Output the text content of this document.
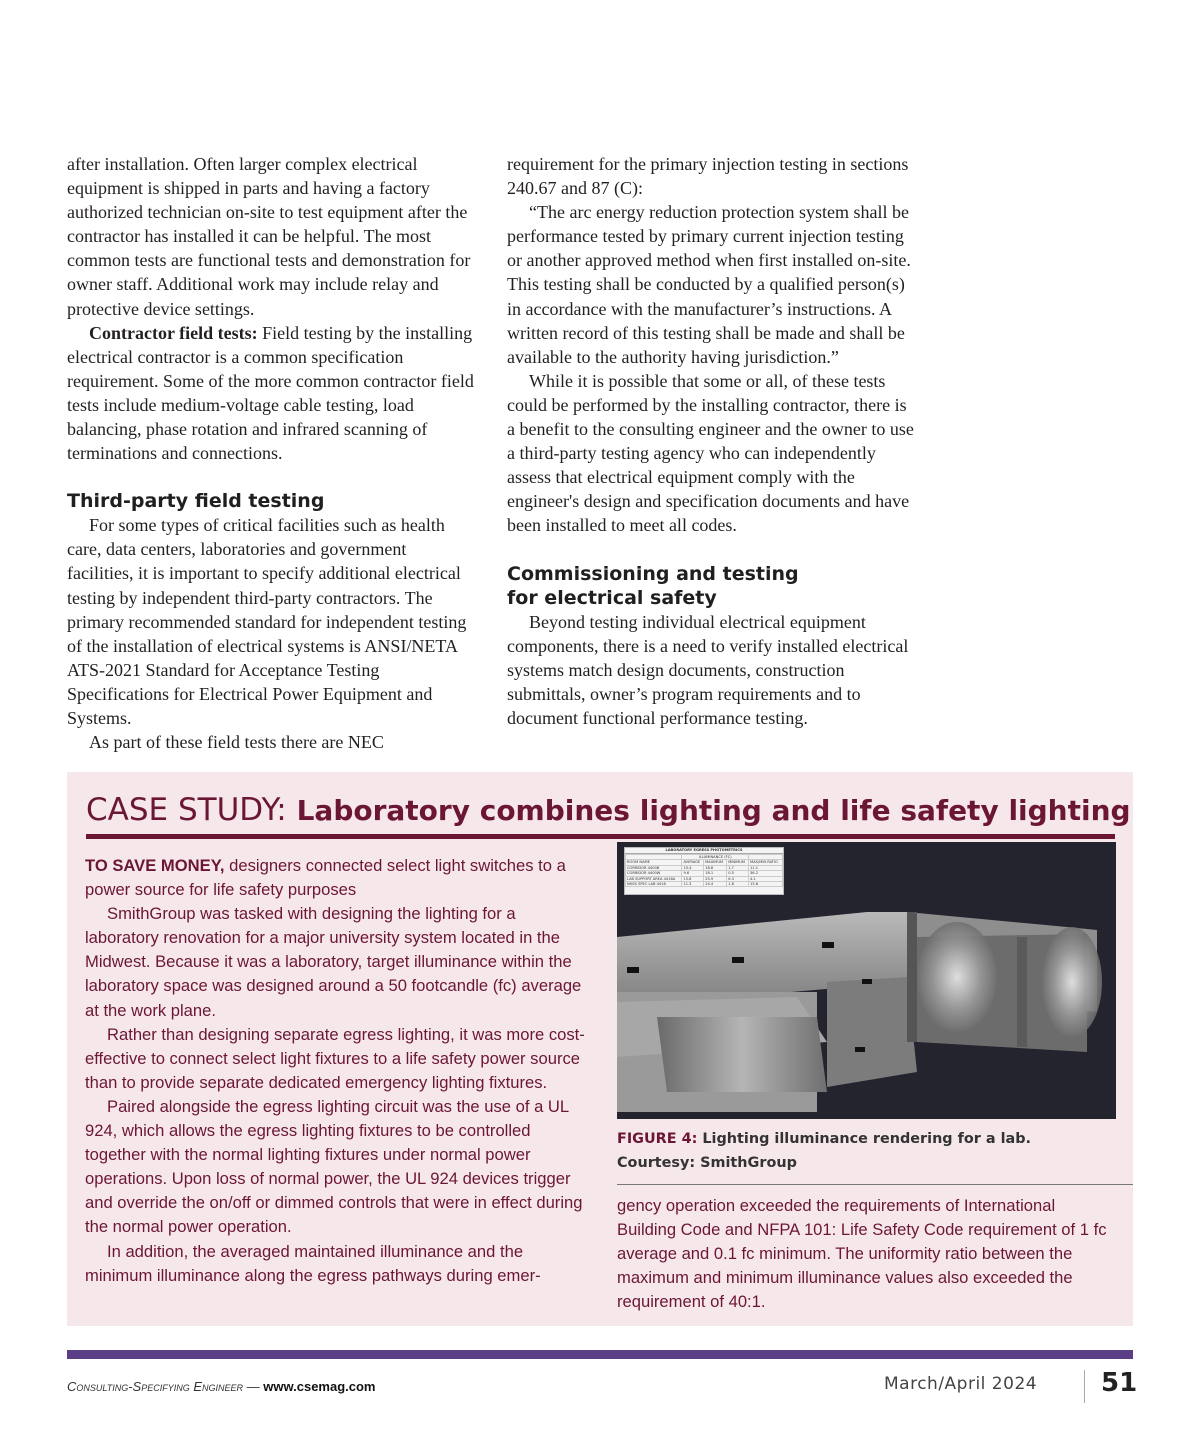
after installation. Often larger complex electrical equipment is shipped in parts and having a factory authorized technician on-site to test equipment after the contractor has installed it can be helpful. The most common tests are functional tests and demonstration for owner staff. Additional work may include relay and protective device settings.

Contractor field tests: Field testing by the installing electrical contractor is a common specification requirement. Some of the more common contractor field tests include medium-voltage cable testing, load balancing, phase rotation and infrared scanning of terminations and connections.

Third-party field testing

For some types of critical facilities such as health care, data centers, laboratories and government facilities, it is important to specify additional electrical testing by independent third-party contractors. The primary recommended standard for independent testing of the installation of electrical systems is ANSI/NETA ATS-2021 Standard for Acceptance Testing Specifications for Electrical Power Equipment and Systems.

As part of these field tests there are NEC

requirement for the primary injection testing in sections 240.67 and 87 (C):

“The arc energy reduction protection system shall be performance tested by primary current injection testing or another approved method when first installed on-site. This testing shall be conducted by a qualified person(s) in accordance with the manufacturer’s instructions. A written record of this testing shall be made and shall be available to the authority having jurisdiction.”

While it is possible that some or all, of these tests could be performed by the installing contractor, there is a benefit to the consulting engineer and the owner to use a third-party testing agency who can independently assess that electrical equipment comply with the engineer's design and specification documents and have been installed to meet all codes.

Commissioning and testing
for electrical safety

Beyond testing individual electrical equipment components, there is a need to verify installed electrical systems match design documents, construction submittals, owner’s program requirements and to document functional performance testing.

CASE STUDY: Laboratory combines lighting and life safety lighting

TO SAVE MONEY, designers connected select light switches to a power source for life safety purposes

SmithGroup was tasked with designing the lighting for a laboratory renovation for a major university system located in the Midwest. Because it was a laboratory, target illuminance within the laboratory space was designed around a 50 footcandle (fc) average at the work plane.

Rather than designing separate egress lighting, it was more cost-effective to connect select light fixtures to a life safety power source than to provide separate dedicated emergency lighting fixtures.

Paired alongside the egress lighting circuit was the use of a UL 924, which allows the egress lighting fixtures to be controlled together with the normal lighting fixtures under normal power operations. Upon loss of normal power, the UL 924 devices trigger and override the on/off or dimmed controls that were in effect during the normal power operation.

In addition, the averaged maintained illuminance and the minimum illuminance along the egress pathways during emer-

LABORATORY EGRESS PHOTOMETRICS
	ILLUMINANCE (FC)			
ROOM NAME	AVERAGE	MAXIMUM	MINIMUM	MAX/MIN RATIO
CORRIDOR 4400B	15.4	18.8	1.7	11.1
CORRIDOR 4400W	9.6	18.1	0.5	36.2
LAB SUPPORT AREA 4416A	15.8	25.9	6.3	4.1
NHSS SPEC LAB 4416	11.3	24.4	1.8	13.6
FIGURE 4: Lighting illuminance rendering for a lab.
Courtesy: SmithGroup

gency operation exceeded the requirements of International Building Code and NFPA 101: Life Safety Code requirement of 1 fc average and 0.1 fc minimum. The uniformity ratio between the maximum and minimum illuminance values also exceeded the requirement of 40:1.

Consulting-Specifying Engineer — www.csemag.com	March/April 2024 51
